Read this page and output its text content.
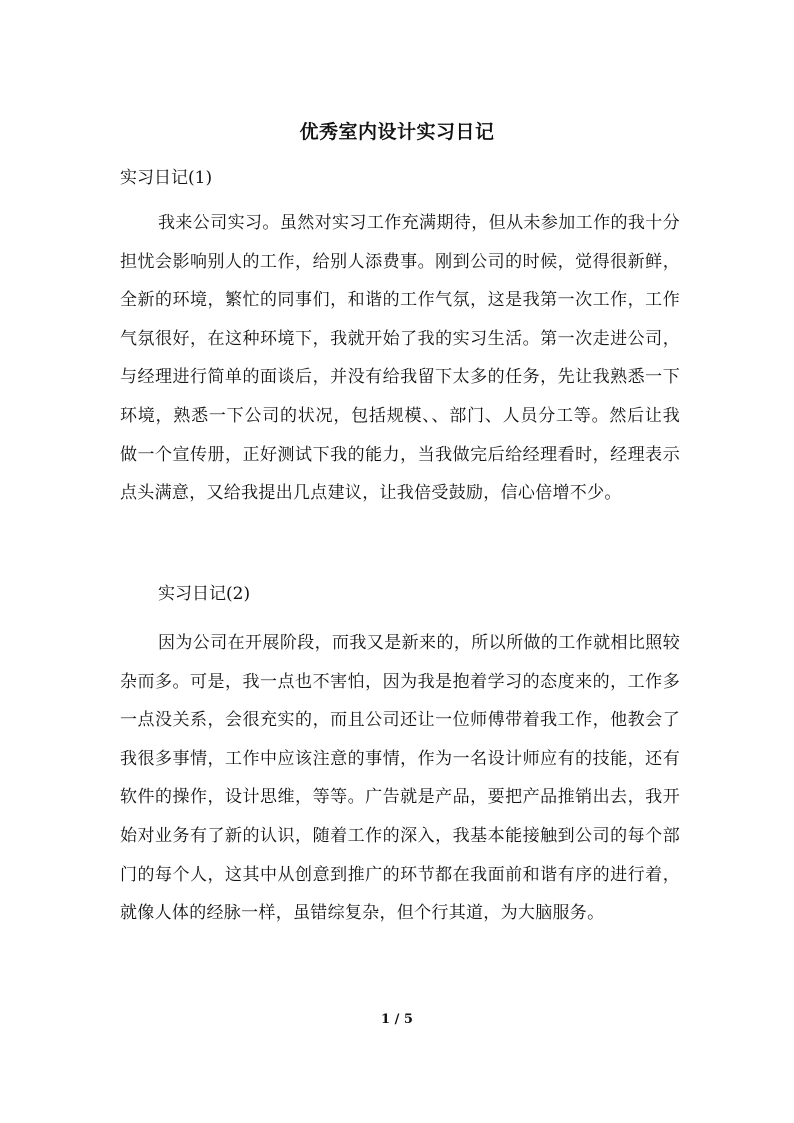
优秀室内设计实习日记
实习日记(1)
我来公司实习。虽然对实习工作充满期待，但从未参加工作的我十分担忧会影响别人的工作，给别人添费事。刚到公司的时候，觉得很新鲜，全新的环境，繁忙的同事们，和谐的工作气氛，这是我第一次工作，工作气氛很好，在这种环境下，我就开始了我的实习生活。第一次走进公司，与经理进行简单的面谈后，并没有给我留下太多的任务，先让我熟悉一下环境，熟悉一下公司的状况，包括规模、、部门、人员分工等。然后让我做一个宣传册，正好测试下我的能力，当我做完后给经理看时，经理表示点头满意，又给我提出几点建议，让我倍受鼓励，信心倍增不少。
实习日记(2)
因为公司在开展阶段，而我又是新来的，所以所做的工作就相比照较杂而多。可是，我一点也不害怕，因为我是抱着学习的态度来的，工作多一点没关系，会很充实的，而且公司还让一位师傅带着我工作，他教会了我很多事情，工作中应该注意的事情，作为一名设计师应有的技能，还有软件的操作，设计思维，等等。广告就是产品，要把产品推销出去，我开始对业务有了新的认识，随着工作的深入，我基本能接触到公司的每个部门的每个人，这其中从创意到推广的环节都在我面前和谐有序的进行着，就像人体的经脉一样，虽错综复杂，但个行其道，为大脑服务。
1 / 5
